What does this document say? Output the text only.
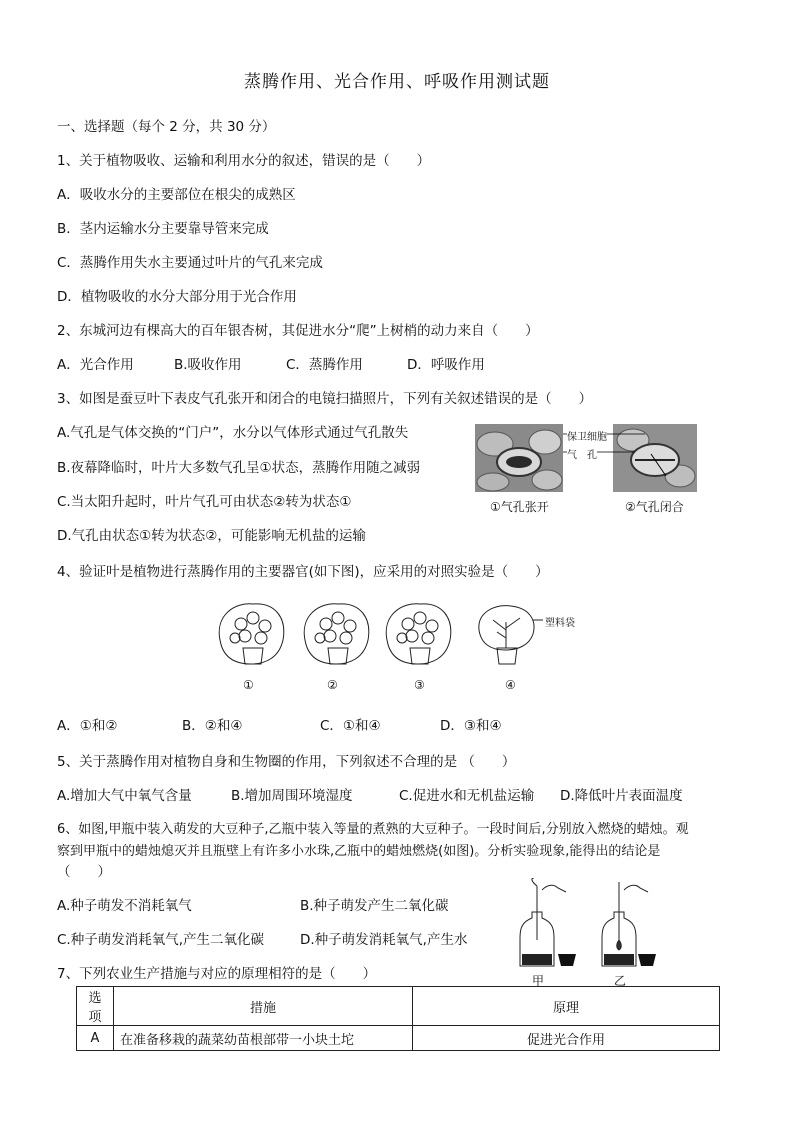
蒸腾作用、光合作用、呼吸作用测试题
一、选择题（每个 2 分，共 30 分）
1、关于植物吸收、运输和利用水分的叙述，错误的是（　　）
A．吸收水分的主要部位在根尖的成熟区
B．茎内运输水分主要靠导管来完成
C．蒸腾作用失水主要通过叶片的气孔来完成
D．植物吸收的水分大部分用于光合作用
2、东城河边有棵高大的百年银杏树，其促进水分“爬”上树梢的动力来自（　　）
A．光合作用	B.吸收作用	C．蒸腾作用	D．呼吸作用
3、如图是蚕豆叶下表皮气孔张开和闭合的电镜扫描照片，下列有关叙述错误的是（　　）
A.气孔是气体交换的“门户”，水分以气体形式通过气孔散失
B.夜幕降临时，叶片大多数气孔呈①状态，蒸腾作用随之减弱
C.当太阳升起时，叶片气孔可由状态②转为状态①
D.气孔由状态①转为状态②，可能影响无机盐的运输
保卫细胞
气　孔
①气孔张开	②气孔闭合
4、验证叶是植物进行蒸腾作用的主要器官(如下图)，应采用的对照实验是（　　）
塑料袋
①	②	③	④
A．①和②	B．②和④	C．①和④	D．③和④
5、关于蒸腾作用对植物自身和生物圈的作用，下列叙述不合理的是 （　　）
A.增加大气中氧气含量	B.增加周围环境湿度	C.促进水和无机盐运输 D.降低叶片表面温度
6、如图,甲瓶中装入萌发的大豆种子,乙瓶中装入等量的煮熟的大豆种子。一段时间后,分别放入燃烧的蜡烛。观
察到甲瓶中的蜡烛熄灭并且瓶壁上有许多小水珠,乙瓶中的蜡烛燃烧(如图)。分析实验现象,能得出的结论是
（　　）
A.种子萌发不消耗氧气	B.种子萌发产生二氧化碳
C.种子萌发消耗氧气,产生二氧化碳	D.种子萌发消耗氧气,产生水
甲	乙
7、下列农业生产措施与对应的原理相符的是（　　）
选项	措施	原理
A	在准备移栽的蔬菜幼苗根部带一小块土坨	促进光合作用
